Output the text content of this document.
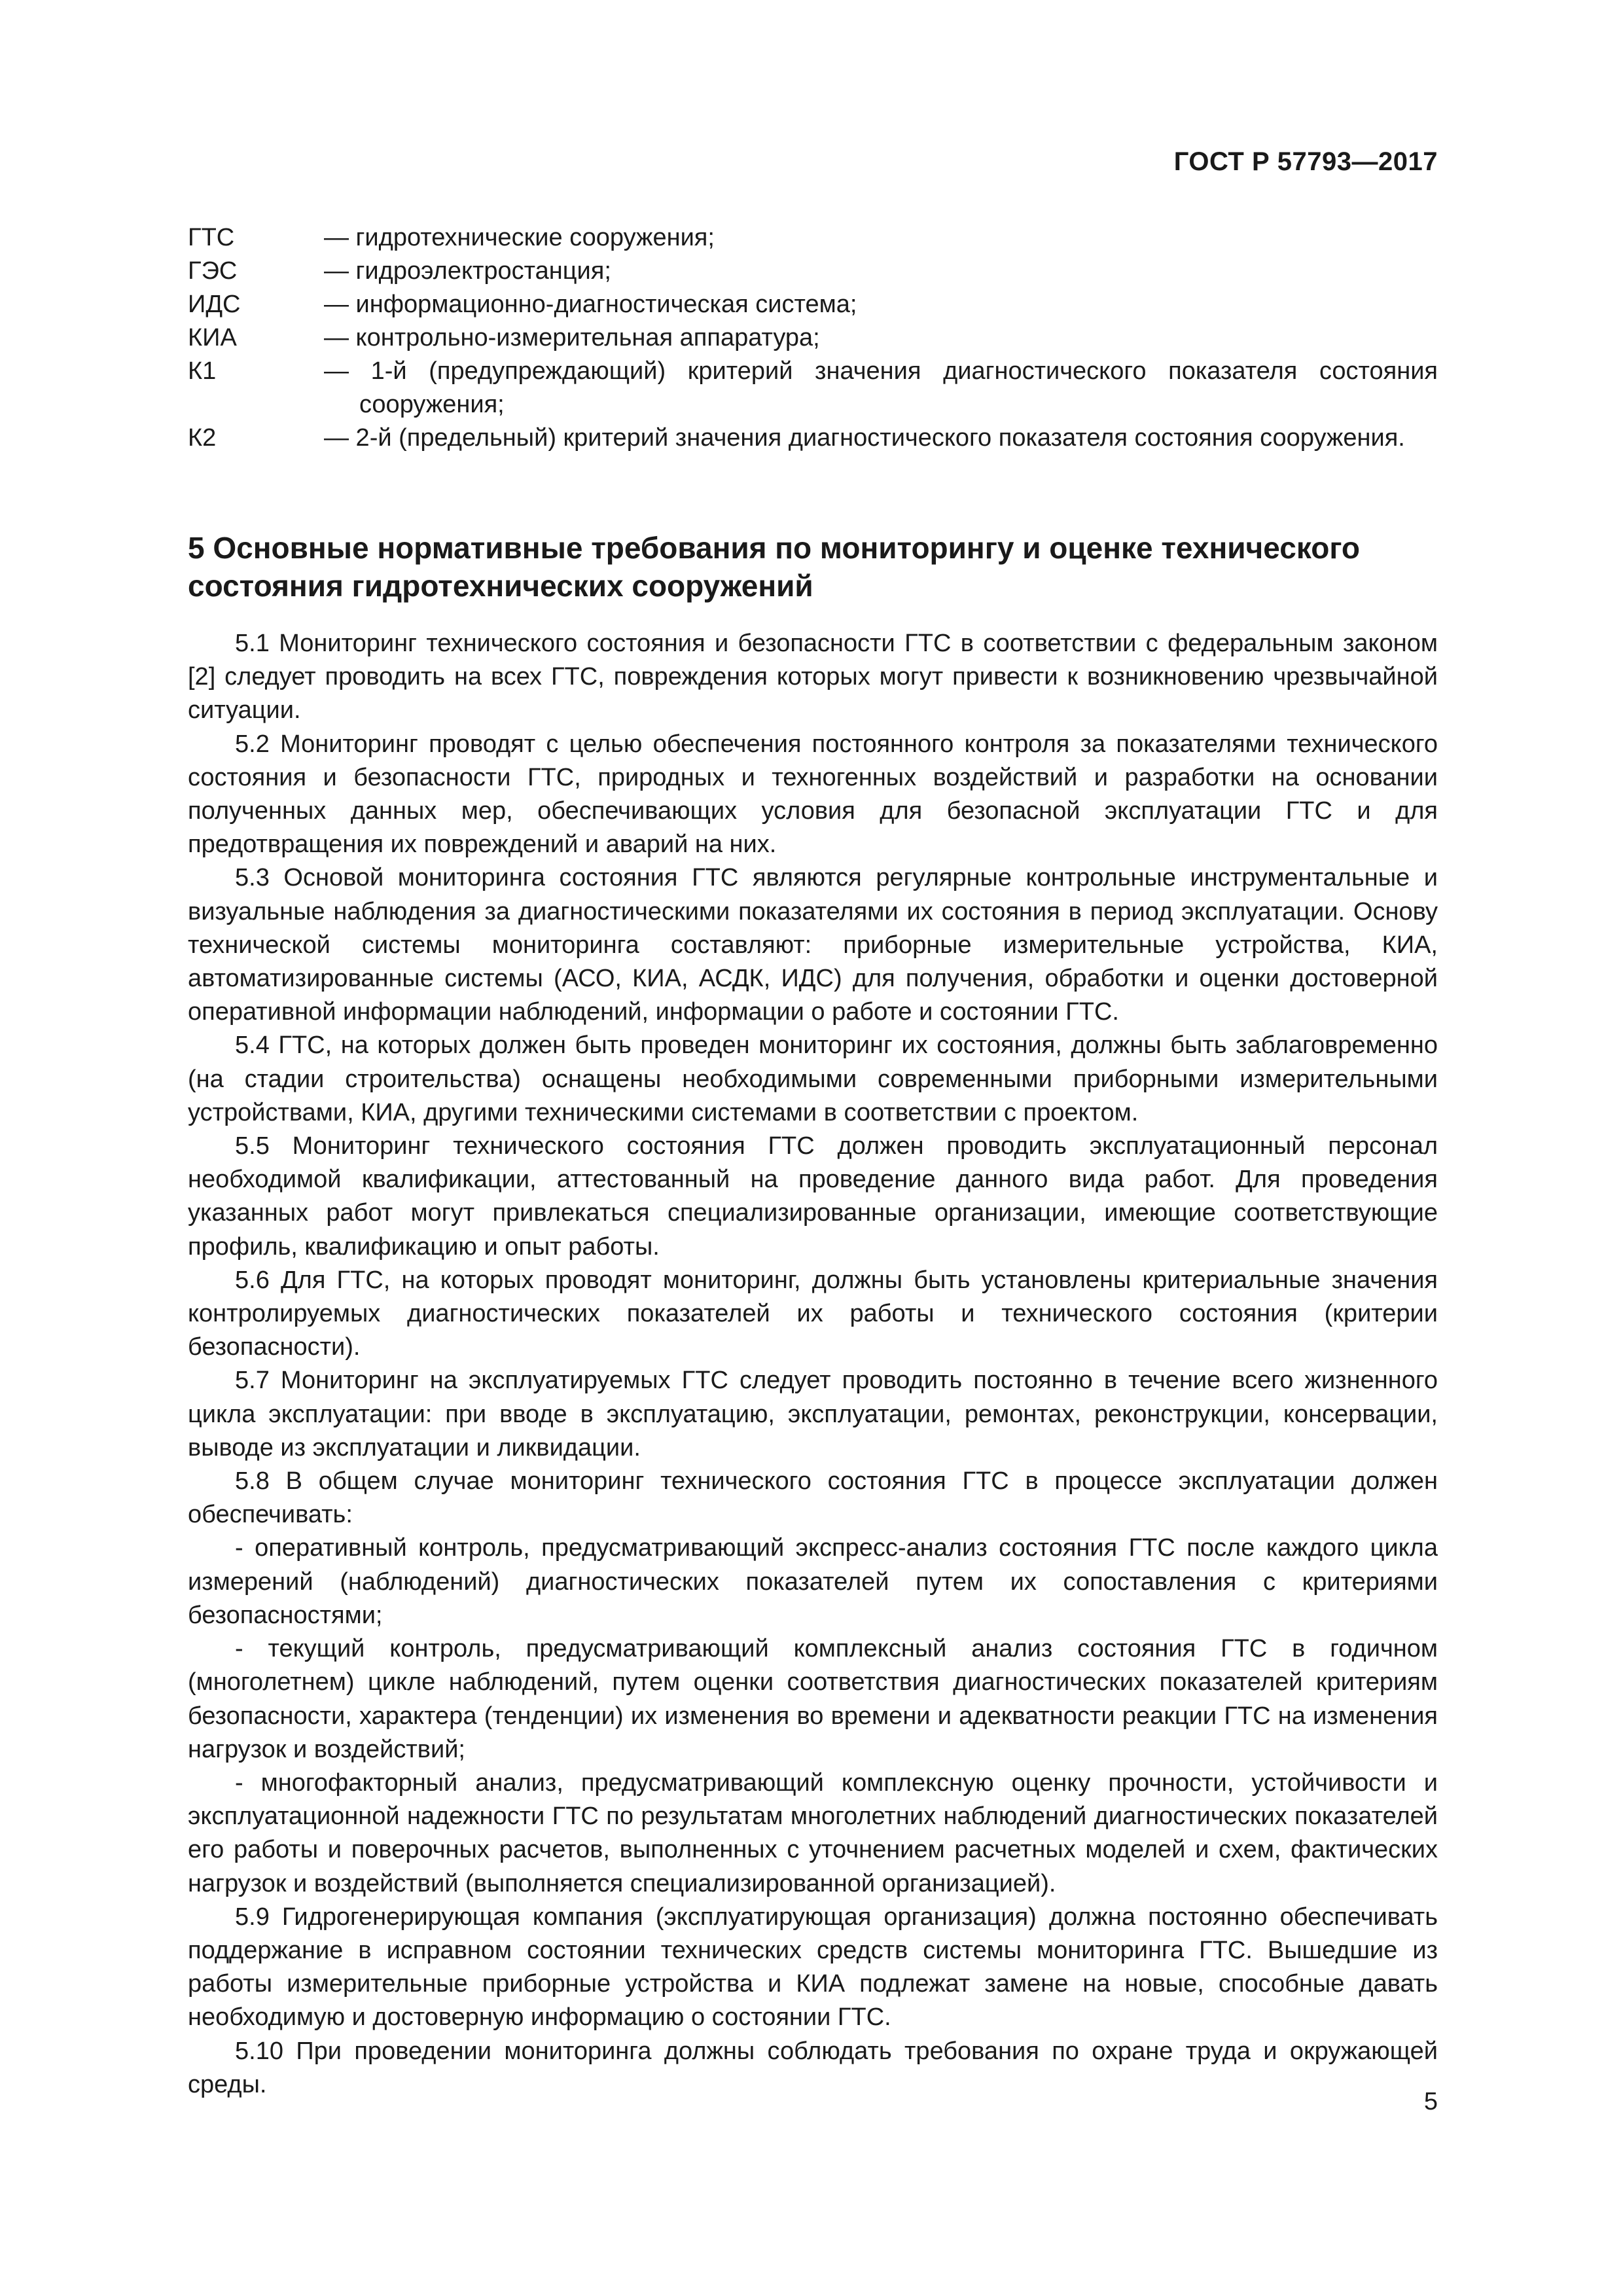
ГОСТ Р 57793—2017
ГТС	— гидротехнические сооружения;
ГЭС	— гидроэлектростанция;
ИДС	— информационно-диагностическая система;
КИА	— контрольно-измерительная аппаратура;
К1	— 1-й (предупреждающий) критерий значения диагностического показателя состояния сооружения;
К2	— 2-й (предельный) критерий значения диагностического показателя состояния сооружения.
5 Основные нормативные требования по мониторингу и оценке технического состояния гидротехнических сооружений

5.1 Мониторинг технического состояния и безопасности ГТС в соответствии с федеральным законом [2] следует проводить на всех ГТС, повреждения которых могут привести к возникновению чрезвычайной ситуации.

5.2 Мониторинг проводят с целью обеспечения постоянного контроля за показателями технического состояния и безопасности ГТС, природных и техногенных воздействий и разработки на основании полученных данных мер, обеспечивающих условия для безопасной эксплуатации ГТС и для предотвращения их повреждений и аварий на них.

5.3 Основой мониторинга состояния ГТС являются регулярные контрольные инструментальные и визуальные наблюдения за диагностическими показателями их состояния в период эксплуатации. Основу технической системы мониторинга составляют: приборные измерительные устройства, КИА, автоматизированные системы (АСО, КИА, АСДК, ИДС) для получения, обработки и оценки достоверной оперативной информации наблюдений, информации о работе и состоянии ГТС.

5.4 ГТС, на которых должен быть проведен мониторинг их состояния, должны быть заблаговременно (на стадии строительства) оснащены необходимыми современными приборными измерительными устройствами, КИА, другими техническими системами в соответствии с проектом.

5.5 Мониторинг технического состояния ГТС должен проводить эксплуатационный персонал необходимой квалификации, аттестованный на проведение данного вида работ. Для проведения указанных работ могут привлекаться специализированные организации, имеющие соответствующие профиль, квалификацию и опыт работы.

5.6 Для ГТС, на которых проводят мониторинг, должны быть установлены критериальные значения контролируемых диагностических показателей их работы и технического состояния (критерии безопасности).

5.7 Мониторинг на эксплуатируемых ГТС следует проводить постоянно в течение всего жизненного цикла эксплуатации: при вводе в эксплуатацию, эксплуатации, ремонтах, реконструкции, консервации, выводе из эксплуатации и ликвидации.

5.8 В общем случае мониторинг технического состояния ГТС в процессе эксплуатации должен обеспечивать:

- оперативный контроль, предусматривающий экспресс-анализ состояния ГТС после каждого цикла измерений (наблюдений) диагностических показателей путем их сопоставления с критериями безопасностями;

- текущий контроль, предусматривающий комплексный анализ состояния ГТС в годичном (многолетнем) цикле наблюдений, путем оценки соответствия диагностических показателей критериям безопасности, характера (тенденции) их изменения во времени и адекватности реакции ГТС на изменения нагрузок и воздействий;

- многофакторный анализ, предусматривающий комплексную оценку прочности, устойчивости и эксплуатационной надежности ГТС по результатам многолетних наблюдений диагностических показателей его работы и поверочных расчетов, выполненных с уточнением расчетных моделей и схем, фактических нагрузок и воздействий (выполняется специализированной организацией).

5.9 Гидрогенерирующая компания (эксплуатирующая организация) должна постоянно обеспечивать поддержание в исправном состоянии технических средств системы мониторинга ГТС. Вышедшие из работы измерительные приборные устройства и КИА подлежат замене на новые, способные давать необходимую и достоверную информацию о состоянии ГТС.

5.10 При проведении мониторинга должны соблюдать требования по охране труда и окружающей среды.

5
